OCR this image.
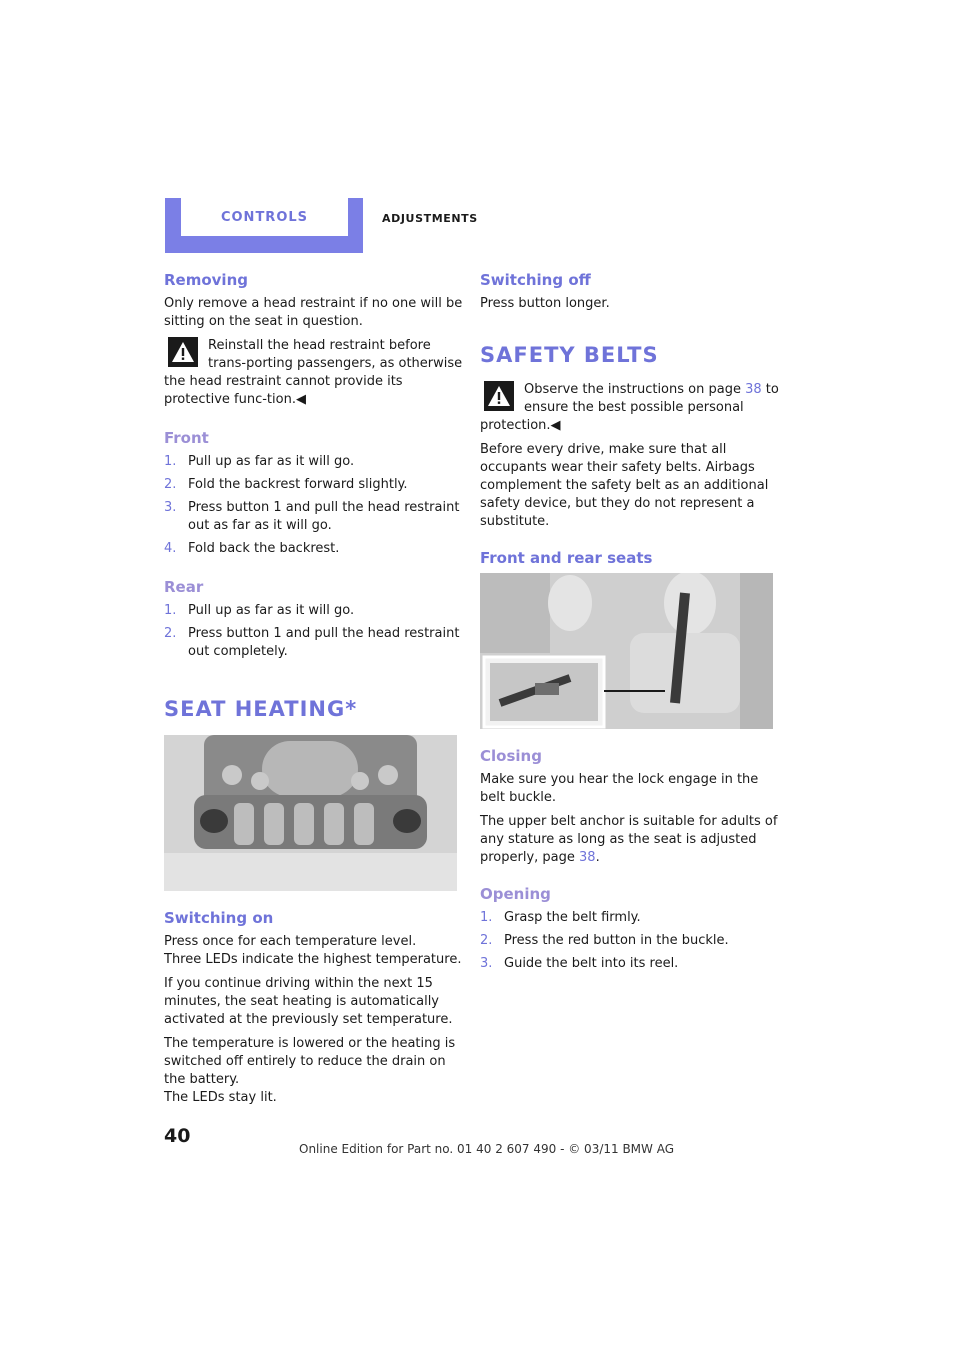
CONTROLS	ADJUSTMENTS
Removing

Only remove a head restraint if no one will be sitting on the seat in question.

Reinstall the head restraint before trans-porting passengers, as otherwise the head restraint cannot provide its protective func-tion.◀
Front
1. Pull up as far as it will go.
2. Fold the backrest forward slightly.
3. Press button 1 and pull the head restraint out as far as it will go.
4. Fold back the backrest.
Rear
1. Pull up as far as it will go.
2. Press button 1 and pull the head restraint out completely.
SEAT HEATING*
Switching on

Press once for each temperature level.
Three LEDs indicate the highest temperature.

If you continue driving within the next 15 minutes, the seat heating is automatically activated at the previously set temperature.

The temperature is lowered or the heating is switched off entirely to reduce the drain on the battery.
The LEDs stay lit.

Switching off

Press button longer.

SAFETY BELTS
Observe the instructions on page 38 to ensure the best possible personal protection.◀

Before every drive, make sure that all occupants wear their safety belts. Airbags complement the safety belt as an additional safety device, but they do not represent a substitute.

Front and rear seats
Closing

Make sure you hear the lock engage in the belt buckle.

The upper belt anchor is suitable for adults of any stature as long as the seat is adjusted properly, page 38.

Opening
1. Grasp the belt firmly.
2. Press the red button in the buckle.
3. Guide the belt into its reel.
40
Online Edition for Part no. 01 40 2 607 490 - © 03/11 BMW AG
